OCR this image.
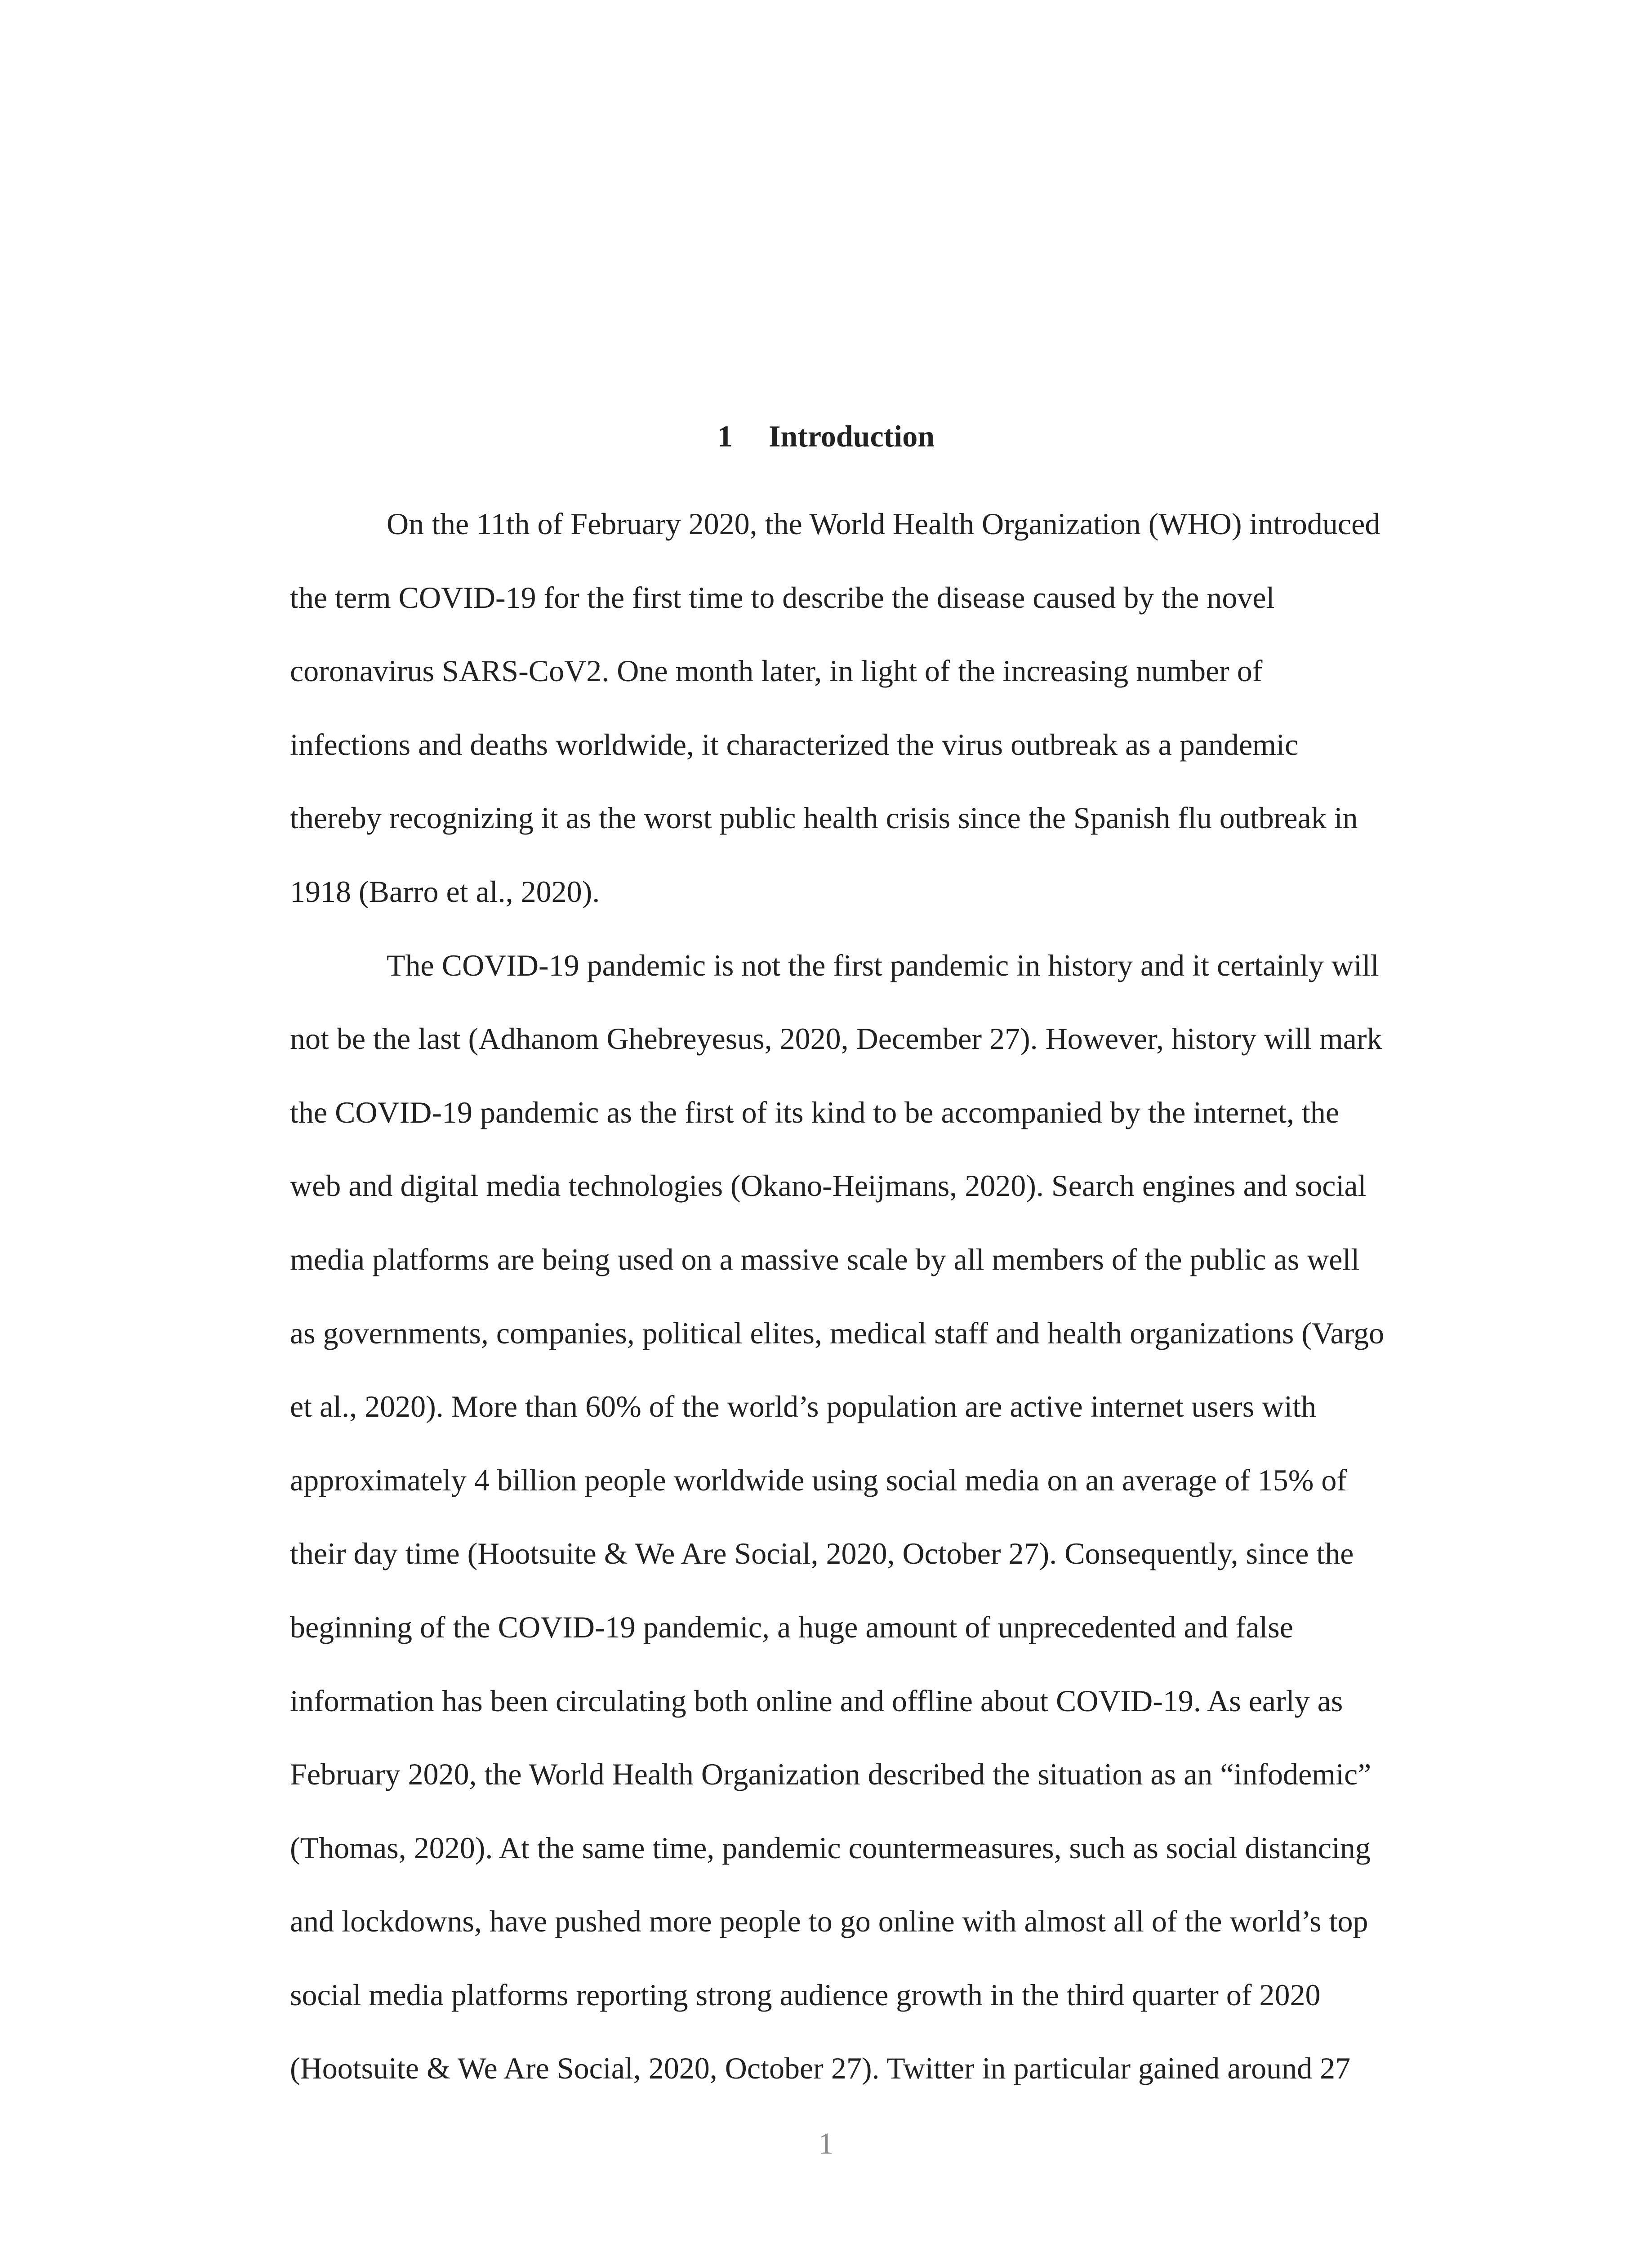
1 Introduction
On the 11th of February 2020, the World Health Organization (WHO) introduced
the term COVID-19 for the first time to describe the disease caused by the novel
coronavirus SARS-CoV2. One month later, in light of the increasing number of
infections and deaths worldwide, it characterized the virus outbreak as a pandemic
thereby recognizing it as the worst public health crisis since the Spanish flu outbreak in
1918 (Barro et al., 2020).
The COVID-19 pandemic is not the first pandemic in history and it certainly will
not be the last (Adhanom Ghebreyesus, 2020, December 27). However, history will mark
the COVID-19 pandemic as the first of its kind to be accompanied by the internet, the
web and digital media technologies (Okano-Heijmans, 2020). Search engines and social
media platforms are being used on a massive scale by all members of the public as well
as governments, companies, political elites, medical staff and health organizations (Vargo
et al., 2020). More than 60% of the world’s population are active internet users with
approximately 4 billion people worldwide using social media on an average of 15% of
their day time (Hootsuite & We Are Social, 2020, October 27). Consequently, since the
beginning of the COVID-19 pandemic, a huge amount of unprecedented and false
information has been circulating both online and offline about COVID-19. As early as
February 2020, the World Health Organization described the situation as an “infodemic”
(Thomas, 2020). At the same time, pandemic countermeasures, such as social distancing
and lockdowns, have pushed more people to go online with almost all of the world’s top
social media platforms reporting strong audience growth in the third quarter of 2020
(Hootsuite & We Are Social, 2020, October 27). Twitter in particular gained around 27
1
